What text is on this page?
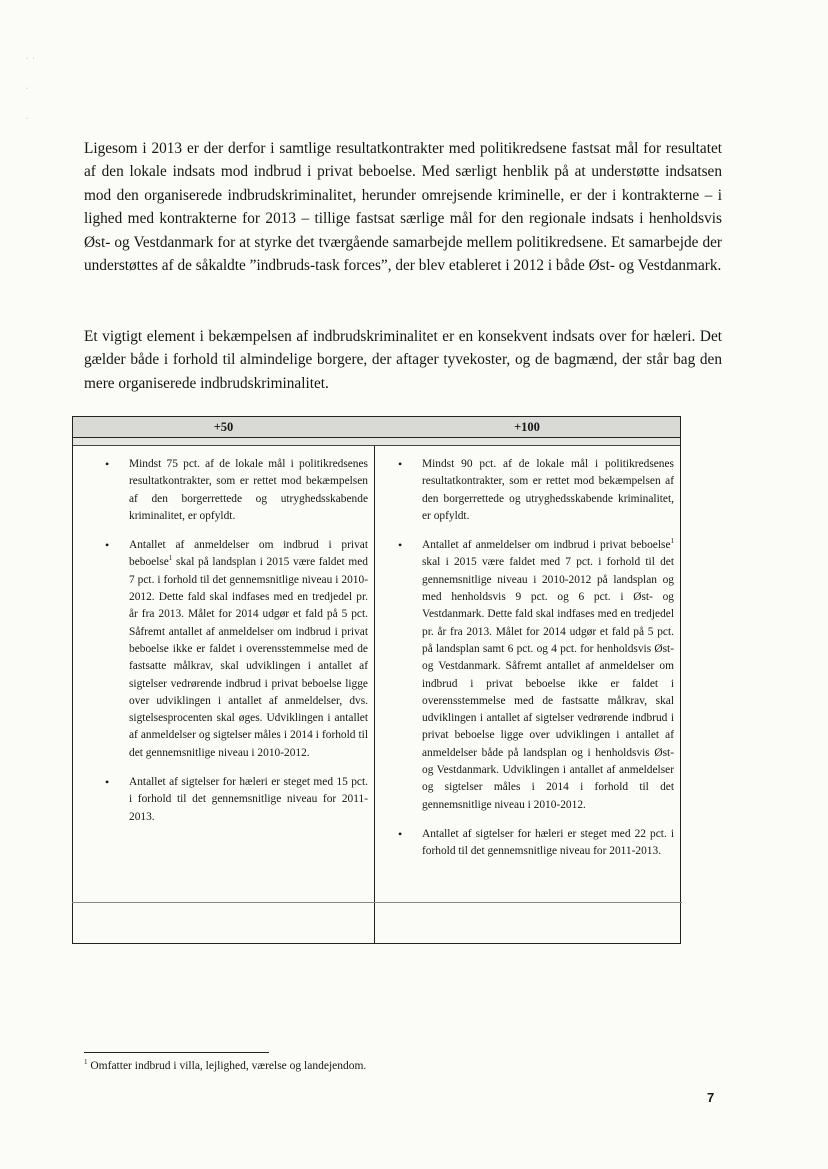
·   ·
·
·

Ligesom i 2013 er der derfor i samtlige resultatkontrakter med politikredsene fastsat mål for resultatet af den lokale indsats mod indbrud i privat beboelse. Med særligt henblik på at understøtte indsatsen mod den organiserede indbrudskriminalitet, herunder omrejsende kriminelle, er der i kontrakterne – i lighed med kontrakterne for 2013 – tillige fastsat særlige mål for den regionale indsats i henholdsvis Øst- og Vestdanmark for at styrke det tværgående samarbejde mellem politikredsene. Et samarbejde der understøttes af de såkaldte ”indbruds-task forces”, der blev etableret i 2012 i både Øst- og Vestdanmark.

Et vigtigt element i bekæmpelsen af indbrudskriminalitet er en konsekvent indsats over for hæleri. Det gælder både i forhold til almindelige borgere, der aftager tyvekoster, og de bagmænd, der står bag den mere organiserede indbrudskriminalitet.

+50
• Mindst 75 pct. af de lokale mål i politikredsenes resultatkontrakter, som er rettet mod bekæmpelsen af den borgerrettede og utryghedsskabende kriminalitet, er opfyldt.
• Antallet af anmeldelser om indbrud i privat beboelse$^1$ skal på landsplan i 2015 være faldet med 7 pct. i forhold til det gennemsnitlige niveau i 2010-2012. Dette fald skal indfases med en tredjedel pr. år fra 2013. Målet for 2014 udgør et fald på 5 pct. Såfremt antallet af anmeldelser om indbrud i privat beboelse ikke er faldet i overensstemmelse med de fastsatte målkrav, skal udviklingen i antallet af sigtelser vedrørende indbrud i privat beboelse ligge over udviklingen i antallet af anmeldelser, dvs. sigtelsesprocenten skal øges. Udviklingen i antallet af anmeldelser og sigtelser måles i 2014 i forhold til det gennemsnitlige niveau i 2010-2012.
• Antallet af sigtelser for hæleri er steget med 15 pct. i forhold til det gennemsnitlige niveau for 2011-2013.
+100
• Mindst 90 pct. af de lokale mål i politikredsenes resultatkontrakter, som er rettet mod bekæmpelsen af den borgerrettede og utryghedsskabende kriminalitet, er opfyldt.
• Antallet af anmeldelser om indbrud i privat beboelse$^1$ skal i 2015 være faldet med 7 pct. i forhold til det gennemsnitlige niveau i 2010-2012 på landsplan og med henholdsvis 9 pct. og 6 pct. i Øst- og Vestdanmark. Dette fald skal indfases med en tredjedel pr. år fra 2013. Målet for 2014 udgør et fald på 5 pct. på landsplan samt 6 pct. og 4 pct. for henholdsvis Øst- og Vestdanmark. Såfremt antallet af anmeldelser om indbrud i privat beboelse ikke er faldet i overensstemmelse med de fastsatte målkrav, skal udviklingen i antallet af sigtelser vedrørende indbrud i privat beboelse ligge over udviklingen i antallet af anmeldelser både på landsplan og i henholdsvis Øst- og Vestdanmark. Udviklingen i antallet af anmeldelser og sigtelser måles i 2014 i forhold til det gennemsnitlige niveau i 2010-2012.
• Antallet af sigtelser for hæleri er steget med 22 pct. i forhold til det gennemsnitlige niveau for 2011-2013.
$^1$ Omfatter indbrud i villa, lejlighed, værelse og landejendom.
7
